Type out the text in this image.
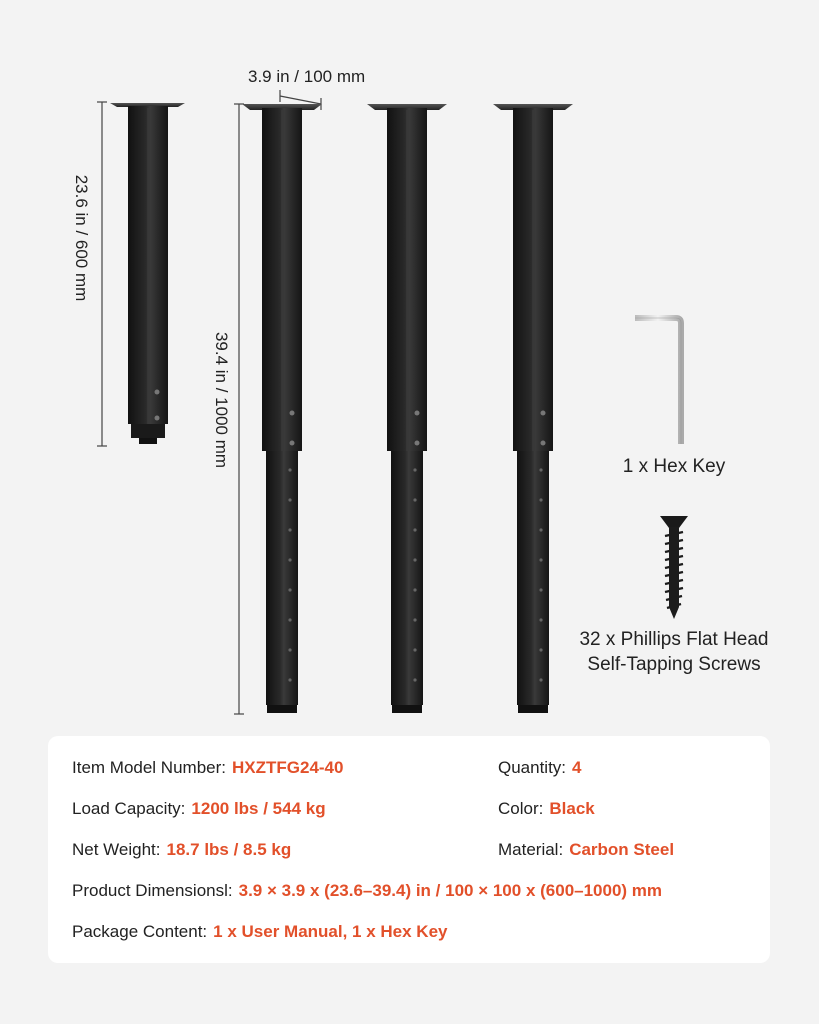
3.9 in / 100 mm
23.6 in / 600 mm
39.4 in / 1000 mm	1 x Hex Key
32 x Phillips Flat Head
Self-Tapping Screws
Item Model Number: HXZTFG24-40	Quantity: 4
Load Capacity: 1200 lbs / 544 kg	Color: Black
Net Weight: 18.7 lbs / 8.5 kg	Material: Carbon Steel
Product Dimensionsl: 3.9 × 3.9 x (23.6–39.4) in / 100 × 100 x (600–1000) mm
Package Content: 1 x User Manual, 1 x Hex Key
